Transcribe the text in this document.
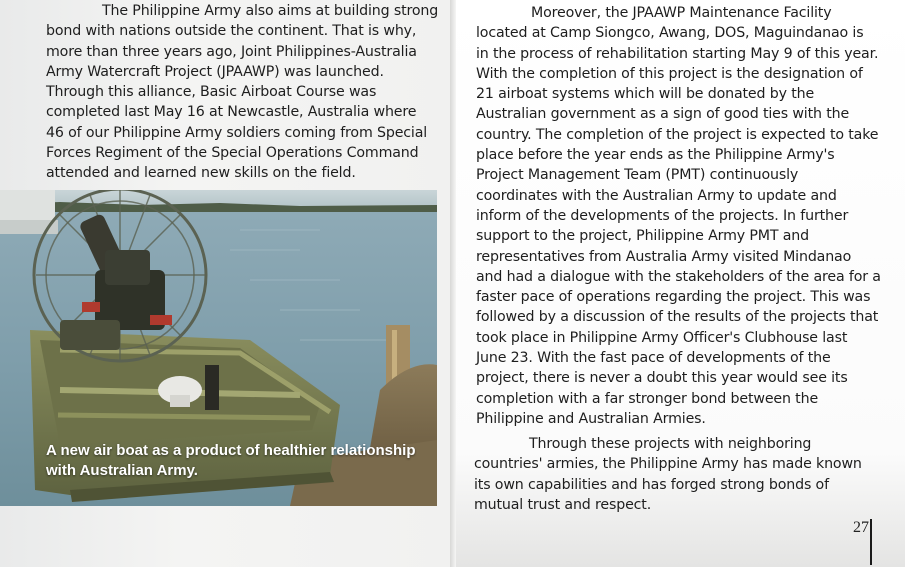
The Philippine Army also aims at building strong
bond with nations outside the continent. That is why,
more than three years ago, Joint Philippines-Australia
Army Watercraft Project (JPAAWP) was launched.
Through this alliance, Basic Airboat Course was
completed last May 16 at Newcastle, Australia where
46 of our Philippine Army soldiers coming from Special
Forces Regiment of the Special Operations Command
attended and learned new skills on the field.

A new air boat as a product of healthier relationship
with Australian Army.

Moreover, the JPAAWP Maintenance Facility
located at Camp Siongco, Awang, DOS, Maguindanao is
in the process of rehabilitation starting May 9 of this year.
With the completion of this project is the designation of
21 airboat systems which will be donated by the
Australian government as a sign of good ties with the
country. The completion of the project is expected to take
place before the year ends as the Philippine Army's
Project Management Team (PMT) continuously
coordinates with the Australian Army to update and
inform of the developments of the projects. In further
support to the project, Philippine Army PMT and
representatives from Australia Army visited Mindanao
and had a dialogue with the stakeholders of the area for a
faster pace of operations regarding the project. This was
followed by a discussion of the results of the projects that
took place in Philippine Army Officer's Clubhouse last
June 23. With the fast pace of developments of the
project, there is never a doubt this year would see its
completion with a far stronger bond between the
Philippine and Australian Armies.

Through these projects with neighboring
countries' armies, the Philippine Army has made known
its own capabilities and has forged strong bonds of
mutual trust and respect.

27
